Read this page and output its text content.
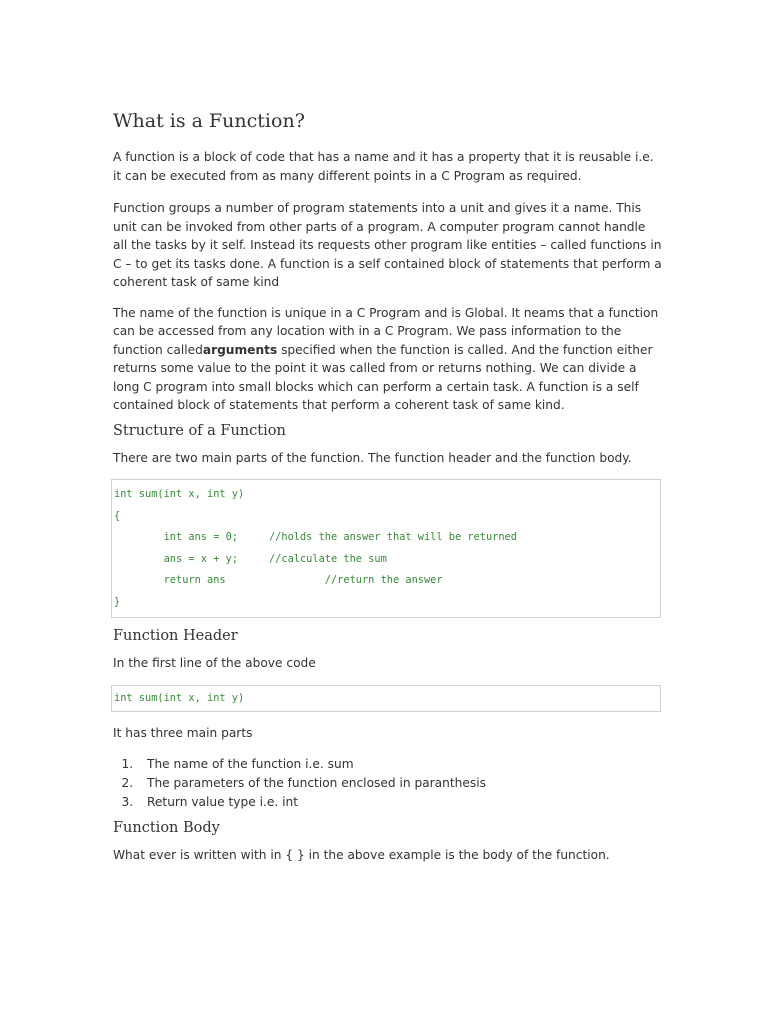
What is a Function?

A function is a block of code that has a name and it has a property that it is reusable i.e. it can be executed from as many different points in a C Program as required.

Function groups a number of program statements into a unit and gives it a name. This unit can be invoked from other parts of a program. A computer program cannot handle all the tasks by it self. Instead its requests other program like entities – called functions in C – to get its tasks done. A function is a self contained block of statements that perform a coherent task of same kind

The name of the function is unique in a C Program and is Global. It neams that a function can be accessed from any location with in a C Program. We pass information to the function calledarguments specified when the function is called. And the function either returns some value to the point it was called from or returns nothing. We can divide a long C program into small blocks which can perform a certain task. A function is a self contained block of statements that perform a coherent task of same kind.

Structure of a Function

There are two main parts of the function. The function header and the function body.

int sum(int x, int y)
{
int ans = 0;     //holds the answer that will be returned
ans = x + y;     //calculate the sum
return ans                //return the answer
}
Function Header

In the first line of the above code

int sum(int x, int y)

It has three main parts

1. The name of the function i.e. sum
2. The parameters of the function enclosed in paranthesis
3. Return value type i.e. int
Function Body

What ever is written with in { } in the above example is the body of the function.
